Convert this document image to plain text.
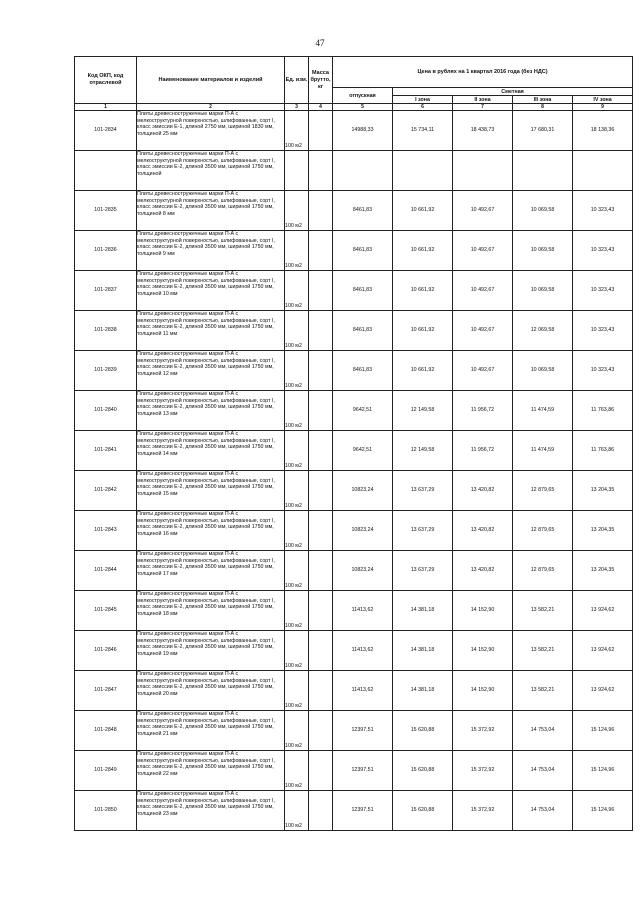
47
Код ОКП, код отраслевой	Наименование материалов и изделий	Ед. изм.	Масса брутто, кг	Цена в рублях на 1 квартал 2016 года (без НДС)				
				отпускная	Сметная			
					I зона	II зона	III зона	IV зона
1	2	3	4	5	6	7	8	9
101-2834	Плиты древесностружечные марки П-А с мелкоструктурной поверхностью, шлифованные, сорт I, класс эмиссии Е-1, длиной 2750 мм, шириной 1830 мм, толщиной 25 мм	100 м2		14988,33	15 734,11	18 438,73	17 680,31	18 138,36
	Плиты древесностружечные марки П-А с мелкоструктурной поверхностью, шлифованные, сорт I, класс эмиссии Е-2, длиной 3500 мм, шириной 1750 мм, толщиной							
101-2835	Плиты древесностружечные марки П-А с мелкоструктурной поверхностью, шлифованные, сорт I, класс эмиссии Е-2, длиной 3500 мм, шириной 1750 мм, толщиной 8 мм	100 м2		8461,83	10 661,92	10 492,67	10 069,58	10 323,43
101-2836	Плиты древесностружечные марки П-А с мелкоструктурной поверхностью, шлифованные, сорт I, класс эмиссии Е-2, длиной 3500 мм, шириной 1750 мм, толщиной 9 мм	100 м2		8461,83	10 661,92	10 492,67	10 069,58	10 323,43
101-2837	Плиты древесностружечные марки П-А с мелкоструктурной поверхностью, шлифованные, сорт I, класс эмиссии Е-2, длиной 3500 мм, шириной 1750 мм, толщиной 10 мм	100 м2		8461,83	10 661,92	10 492,67	10 069,58	10 323,43
101-2838	Плиты древесностружечные марки П-А с мелкоструктурной поверхностью, шлифованные, сорт I, класс эмиссии Е-2, длиной 3500 мм, шириной 1750 мм, толщиной 11 мм	100 м2		8461,83	10 661,92	10 492,67	12 069,58	10 323,43
101-2839	Плиты древесностружечные марки П-А с мелкоструктурной поверхностью, шлифованные, сорт I, класс эмиссии Е-2, длиной 3500 мм, шириной 1750 мм, толщиной 12 мм	100 м2		8461,83	10 661,92	10 492,67	10 069,58	10 323,43
101-2840	Плиты древесностружечные марки П-А с мелкоструктурной поверхностью, шлифованные, сорт I, класс эмиссии Е-2, длиной 3500 мм, шириной 1750 мм, толщиной 13 мм	100 м2		9642,51	12 149,58	11 956,72	11 474,59	11 763,86
101-2841	Плиты древесностружечные марки П-А с мелкоструктурной поверхностью, шлифованные, сорт I, класс эмиссии Е-2, длиной 3500 мм, шириной 1750 мм, толщиной 14 мм	100 м2		9642,51	12 149,58	11 956,72	11 474,59	11 763,86
101-2842	Плиты древесностружечные марки П-А с мелкоструктурной поверхностью, шлифованные, сорт I, класс эмиссии Е-2, длиной 3500 мм, шириной 1750 мм, толщиной 15 мм	100 м2		10823,24	13 637,29	13 420,82	12 879,65	13 204,35
101-2843	Плиты древесностружечные марки П-А с мелкоструктурной поверхностью, шлифованные, сорт I, класс эмиссии Е-2, длиной 3500 мм, шириной 1750 мм, толщиной 16 мм	100 м2		10823,24	13 637,29	13 420,82	12 879,65	13 204,35
101-2844	Плиты древесностружечные марки П-А с мелкоструктурной поверхностью, шлифованные, сорт I, класс эмиссии Е-2, длиной 3500 мм, шириной 1750 мм, толщиной 17 мм	100 м2		10823,24	13 637,29	13 420,82	12 879,65	13 204,35
101-2845	Плиты древесностружечные марки П-А с мелкоструктурной поверхностью, шлифованные, сорт I, класс эмиссии Е-2, длиной 3500 мм, шириной 1750 мм, толщиной 18 мм	100 м2		11413,62	14 381,18	14 152,90	13 582,21	13 924,62
101-2846	Плиты древесностружечные марки П-А с мелкоструктурной поверхностью, шлифованные, сорт I, класс эмиссии Е-2, длиной 3500 мм, шириной 1750 мм, толщиной 19 мм	100 м2		11413,62	14 381,18	14 152,90	13 582,21	13 924,62
101-2847	Плиты древесностружечные марки П-А с мелкоструктурной поверхностью, шлифованные, сорт I, класс эмиссии Е-2, длиной 3500 мм, шириной 1750 мм, толщиной 20 мм	100 м2		11413,62	14 381,18	14 152,90	13 582,21	13 924,62
101-2848	Плиты древесностружечные марки П-А с мелкоструктурной поверхностью, шлифованные, сорт I, класс эмиссии Е-2, длиной 3500 мм, шириной 1750 мм, толщиной 21 мм	100 м2		12397,51	15 620,88	15 372,92	14 753,04	15 124,96
101-2849	Плиты древесностружечные марки П-А с мелкоструктурной поверхностью, шлифованные, сорт I, класс эмиссии Е-2, длиной 3500 мм, шириной 1750 мм, толщиной 22 мм	100 м2		12397,51	15 620,88	15 372,92	14 753,04	15 124,96
101-2850	Плиты древесностружечные марки П-А с мелкоструктурной поверхностью, шлифованные, сорт I, класс эмиссии Е-2, длиной 3500 мм, шириной 1750 мм, толщиной 23 мм	100 м2		12397,51	15 620,88	15 372,92	14 753,04	15 124,96
